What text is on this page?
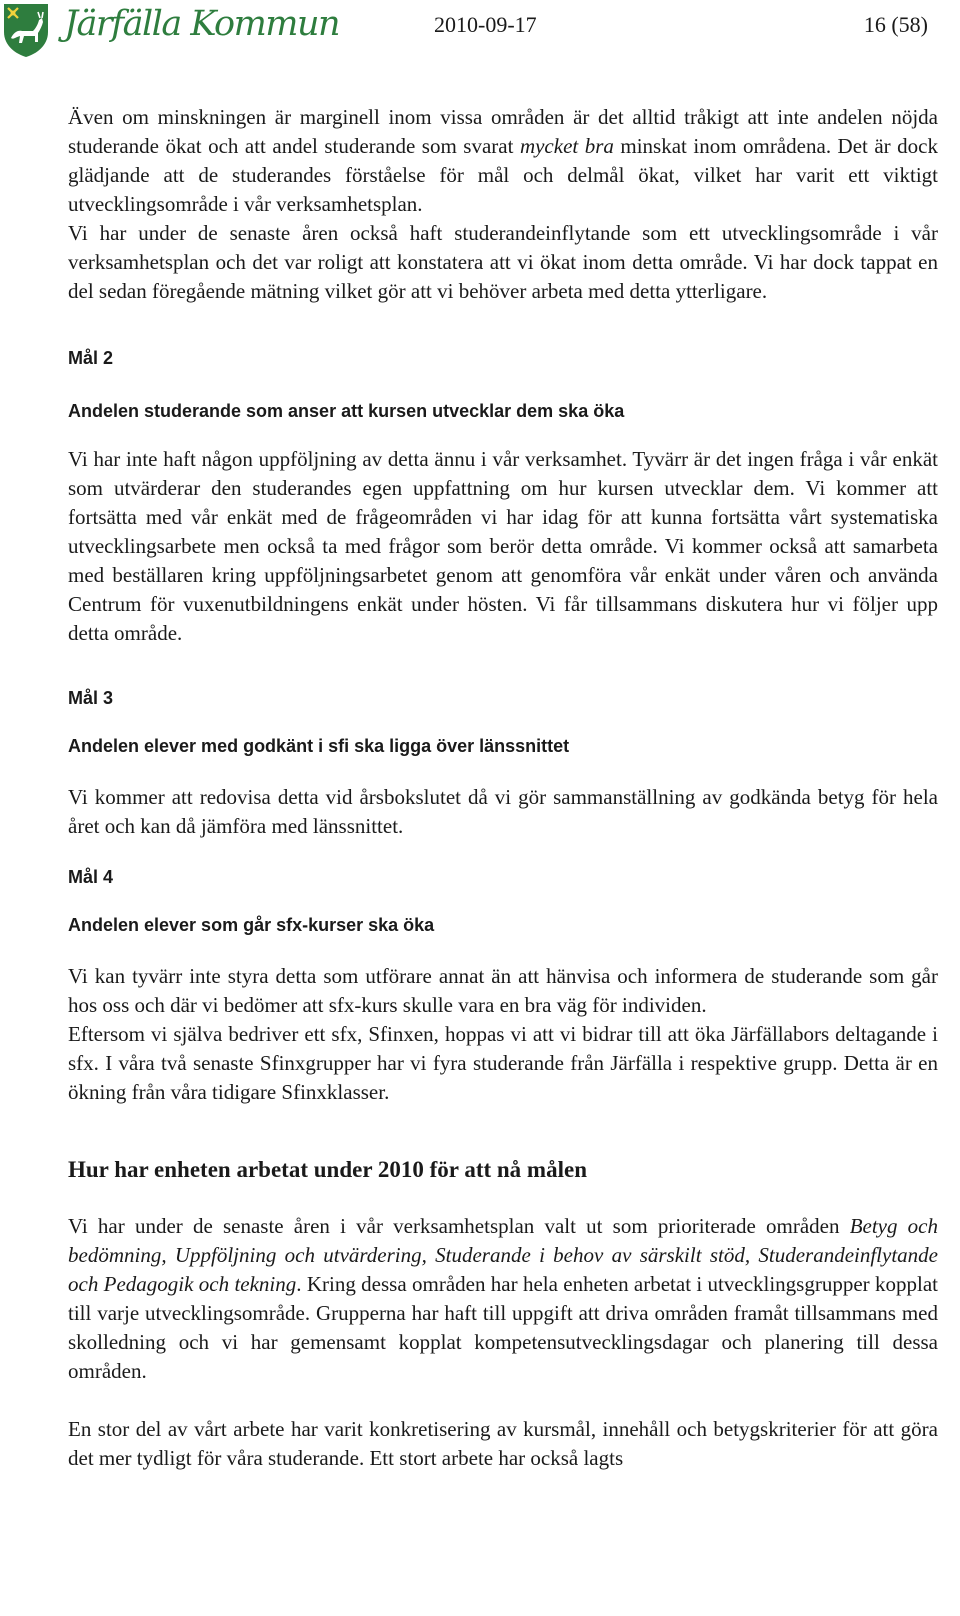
Järfälla Kommun	2010-09-17	16 (58)

Även om minskningen är marginell inom vissa områden är det alltid tråkigt att inte andelen nöjda studerande ökat och att andel studerande som svarat mycket bra minskat inom områdena. Det är dock glädjande att de studerandes förståelse för mål och delmål ökat, vilket har varit ett viktigt utvecklingsområde i vår verksamhetsplan.

Vi har under de senaste åren också haft studerandeinflytande som ett utvecklingsområde i vår verksamhetsplan och det var roligt att konstatera att vi ökat inom detta område. Vi har dock tappat en del sedan föregående mätning vilket gör att vi behöver arbeta med detta ytterligare.

Mål 2
Andelen studerande som anser att kursen utvecklar dem ska öka

Vi har inte haft någon uppföljning av detta ännu i vår verksamhet. Tyvärr är det ingen fråga i vår enkät som utvärderar den studerandes egen uppfattning om hur kursen utvecklar dem. Vi kommer att fortsätta med vår enkät med de frågeområden vi har idag för att kunna fortsätta vårt systematiska utvecklingsarbete men också ta med frågor som berör detta område. Vi kommer också att samarbeta med beställaren kring uppföljningsarbetet genom att genomföra vår enkät under våren och använda Centrum för vuxenutbildningens enkät under hösten. Vi får tillsammans diskutera hur vi följer upp detta område.

Mål 3
Andelen elever med godkänt i sfi ska ligga över länssnittet

Vi kommer att redovisa detta vid årsbokslutet då vi gör sammanställning av godkända betyg för hela året och kan då jämföra med länssnittet.

Mål 4
Andelen elever som går sfx-kurser ska öka

Vi kan tyvärr inte styra detta som utförare annat än att hänvisa och informera de studerande som går hos oss och där vi bedömer att sfx-kurs skulle vara en bra väg för individen.

Eftersom vi själva bedriver ett sfx, Sfinxen, hoppas vi att vi bidrar till att öka Järfällabors deltagande i sfx. I våra två senaste Sfinxgrupper har vi fyra studerande från Järfälla i respektive grupp. Detta är en ökning från våra tidigare Sfinxklasser.

Hur har enheten arbetat under 2010 för att nå målen

Vi har under de senaste åren i vår verksamhetsplan valt ut som prioriterade områden Betyg och bedömning, Uppföljning och utvärdering, Studerande i behov av särskilt stöd, Studerandeinflytande och Pedagogik och tekning. Kring dessa områden har hela enheten arbetat i utvecklingsgrupper kopplat till varje utvecklingsområde. Grupperna har haft till uppgift att driva områden framåt tillsammans med skolledning och vi har gemensamt kopplat kompetensutvecklingsdagar och planering till dessa områden.

En stor del av vårt arbete har varit konkretisering av kursmål, innehåll och betygskriterier för att göra det mer tydligt för våra studerande. Ett stort arbete har också lagts
